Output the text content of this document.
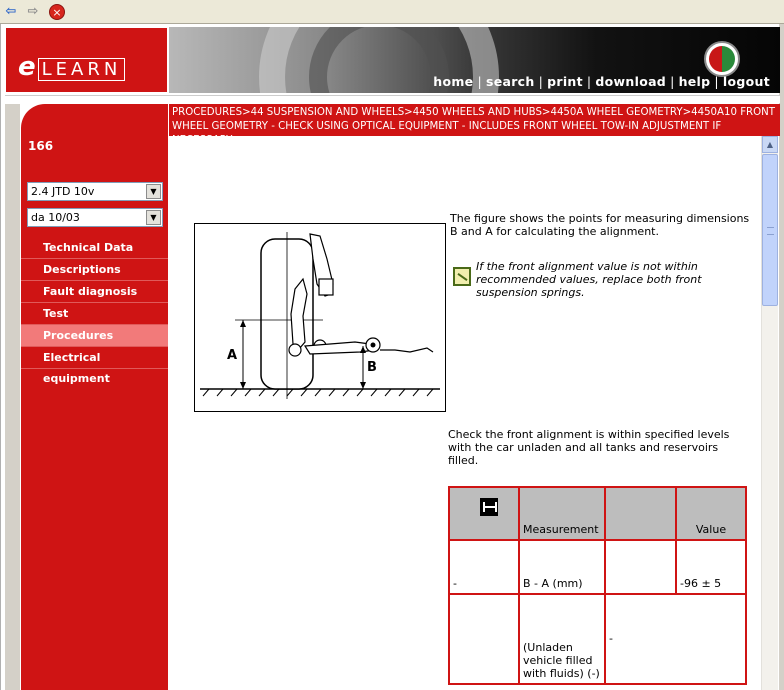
⇦ ⇨	×
e LEARN
home | search | print | download | help | logout
PROCEDURES>44 SUSPENSION AND WHEELS>4450 WHEELS AND HUBS>4450A WHEEL GEOMETRY>4450A10 FRONT WHEEL GEOMETRY - CHECK USING OPTICAL EQUIPMENT - INCLUDES FRONT WHEEL TOW-IN ADJUSTMENT IF
166
2.4 JTD 10v	▼
da 10/03	▼
Technical Data
Descriptions
Fault diagnosis
Test
Procedures
Electrical equipment
A
B
The figure shows the points for measuring dimensions B and A for calculating the alignment.
If the front alignment value is not within recommended values, replace both front suspension springs.
Check the front alignment is within specified levels with the car unladen and all tanks and reservoirs filled.
	Measurement		Value
-	B - A (mm)		-96 ± 5
	(Unladen vehicle filled with fluids) (-)	-	
▲
